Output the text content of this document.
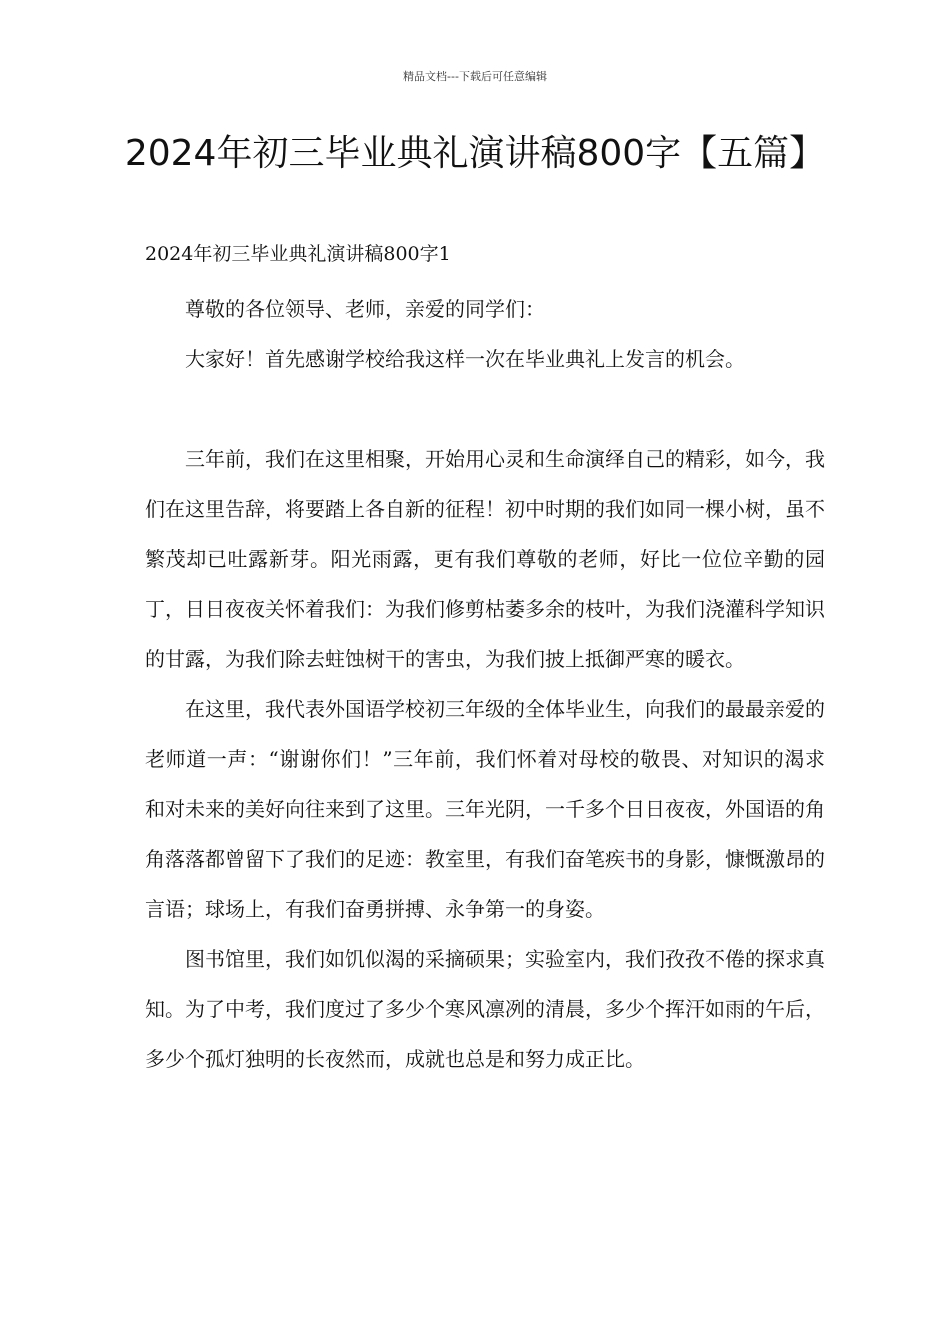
精品文档---下载后可任意编辑
2024年初三毕业典礼演讲稿800字【五篇】
2024年初三毕业典礼演讲稿800字1

尊敬的各位领导、老师，亲爱的同学们：

大家好！首先感谢学校给我这样一次在毕业典礼上发言的机会。

三年前，我们在这里相聚，开始用心灵和生命演绎自己的精彩，如今，我们在这里告辞，将要踏上各自新的征程！初中时期的我们如同一棵小树，虽不繁茂却已吐露新芽。阳光雨露，更有我们尊敬的老师，好比一位位辛勤的园丁，日日夜夜关怀着我们：为我们修剪枯萎多余的枝叶，为我们浇灌科学知识的甘露，为我们除去蛀蚀树干的害虫，为我们披上抵御严寒的暖衣。

在这里，我代表外国语学校初三年级的全体毕业生，向我们的最最亲爱的老师道一声：“谢谢你们！”三年前，我们怀着对母校的敬畏、对知识的渴求和对未来的美好向往来到了这里。三年光阴，一千多个日日夜夜，外国语的角角落落都曾留下了我们的足迹：教室里，有我们奋笔疾书的身影，慷慨激昂的言语；球场上，有我们奋勇拼搏、永争第一的身姿。

图书馆里，我们如饥似渴的采摘硕果；实验室内，我们孜孜不倦的探求真知。为了中考，我们度过了多少个寒风凛冽的清晨，多少个挥汗如雨的午后，多少个孤灯独明的长夜然而，成就也总是和努力成正比。
